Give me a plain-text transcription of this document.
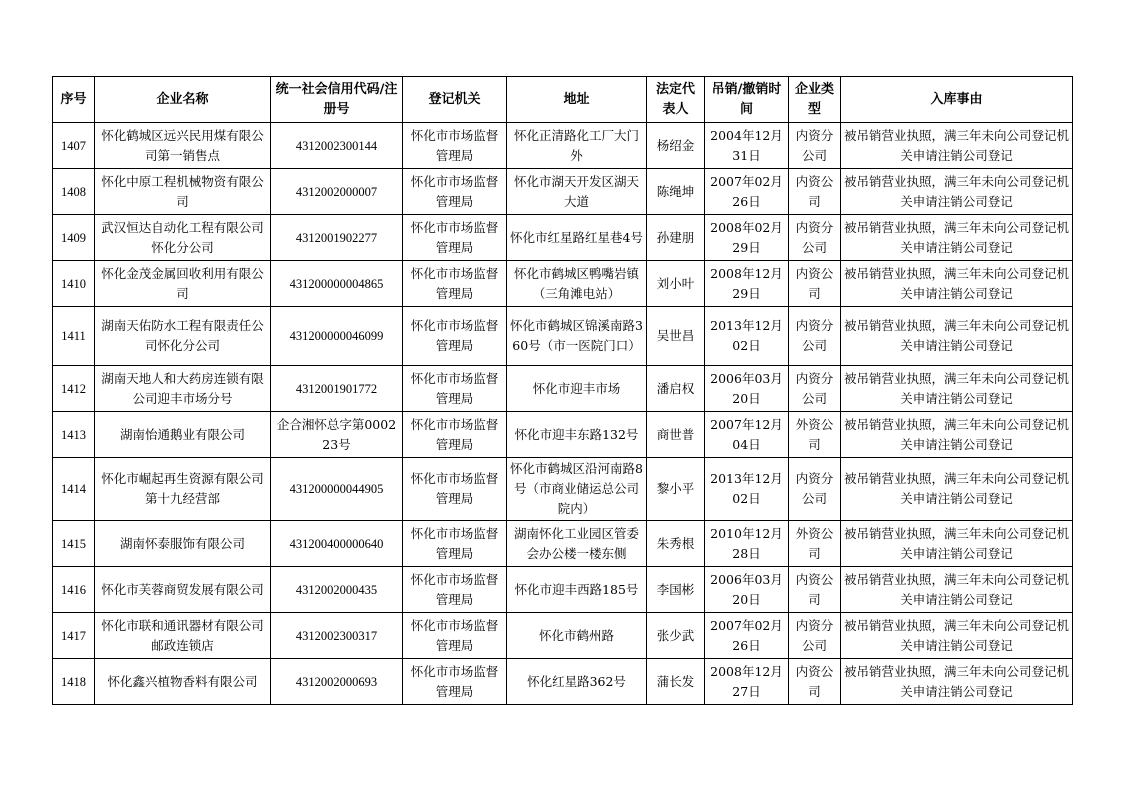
序号	企业名称	统一社会信用代码/注册号	登记机关	地址	法定代表人	吊销/撤销时间	企业类型	入库事由
1407	怀化鹤城区远兴民用煤有限公司第一销售点	4312002300144	怀化市市场监督管理局	怀化正清路化工厂大门外	杨绍金	2004年12月31日	内资分公司	被吊销营业执照，满三年未向公司登记机关申请注销公司登记
1408	怀化中原工程机械物资有限公司	4312002000007	怀化市市场监督管理局	怀化市湖天开发区湖天大道	陈绳坤	2007年02月26日	内资公司	被吊销营业执照，满三年未向公司登记机关申请注销公司登记
1409	武汉恒达自动化工程有限公司怀化分公司	4312001902277	怀化市市场监督管理局	怀化市红星路红星巷4号	孙建朋	2008年02月29日	内资分公司	被吊销营业执照，满三年未向公司登记机关申请注销公司登记
1410	怀化金茂金属回收利用有限公司	431200000004865	怀化市市场监督管理局	怀化市鹤城区鸭嘴岩镇（三角滩电站）	刘小叶	2008年12月29日	内资公司	被吊销营业执照，满三年未向公司登记机关申请注销公司登记
1411	湖南天佑防水工程有限责任公司怀化分公司	431200000046099	怀化市市场监督管理局	怀化市鹤城区锦溪南路360号（市一医院门口）	吴世昌	2013年12月02日	内资分公司	被吊销营业执照，满三年未向公司登记机关申请注销公司登记
1412	湖南天地人和大药房连锁有限公司迎丰市场分号	4312001901772	怀化市市场监督管理局	怀化市迎丰市场	潘启权	2006年03月20日	内资分公司	被吊销营业执照，满三年未向公司登记机关申请注销公司登记
1413	湖南怡通鹅业有限公司	企合湘怀总字第000223号	怀化市市场监督管理局	怀化市迎丰东路132号	商世普	2007年12月04日	外资公司	被吊销营业执照，满三年未向公司登记机关申请注销公司登记
1414	怀化市崛起再生资源有限公司第十九经营部	431200000044905	怀化市市场监督管理局	怀化市鹤城区沿河南路8号（市商业储运总公司院内）	黎小平	2013年12月02日	内资分公司	被吊销营业执照，满三年未向公司登记机关申请注销公司登记
1415	湖南怀泰服饰有限公司	431200400000640	怀化市市场监督管理局	湖南怀化工业园区管委会办公楼一楼东侧	朱秀根	2010年12月28日	外资公司	被吊销营业执照，满三年未向公司登记机关申请注销公司登记
1416	怀化市芙蓉商贸发展有限公司	4312002000435	怀化市市场监督管理局	怀化市迎丰西路185号	李国彬	2006年03月20日	内资公司	被吊销营业执照，满三年未向公司登记机关申请注销公司登记
1417	怀化市联和通讯器材有限公司邮政连锁店	4312002300317	怀化市市场监督管理局	怀化市鹤州路	张少武	2007年02月26日	内资分公司	被吊销营业执照，满三年未向公司登记机关申请注销公司登记
1418	怀化鑫兴植物香料有限公司	4312002000693	怀化市市场监督管理局	怀化红星路362号	蒲长发	2008年12月27日	内资公司	被吊销营业执照，满三年未向公司登记机关申请注销公司登记
